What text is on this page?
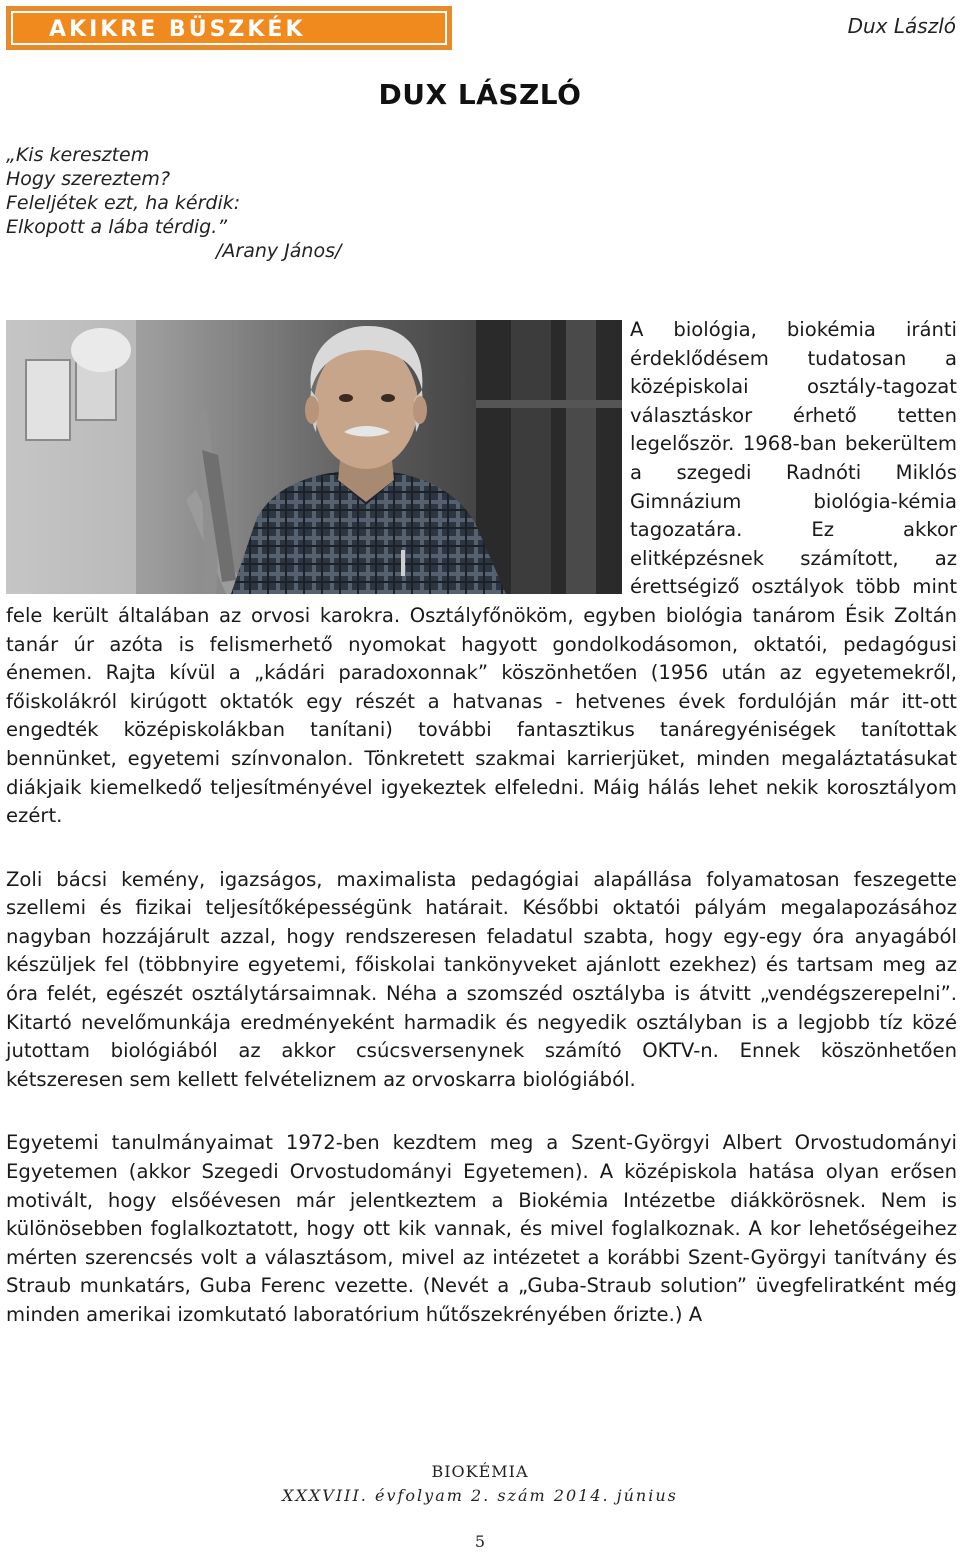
AKIKRE BÜSZKÉK VAGYUNK
Dux László
DUX LÁSZLÓ
„Kis keresztem
Hogy szereztem?
Feleljétek ezt, ha kérdik:
Elkopott a lába térdig.”
/Arany János/

A biológia, biokémia iránti érdeklődésem tudatosan a középiskolai osztály-tagozat választáskor érhető tetten legelőször. 1968-ban bekerültem a szegedi Radnóti Miklós Gimnázium biológia-kémia tagozatára. Ez akkor elitképzésnek számított, az érettségiző osztályok több mint fele került általában az orvosi karokra. Osztályfőnököm, egyben biológia tanárom Ésik Zoltán tanár úr azóta is felismerhető nyomokat hagyott gondolkodásomon, oktatói, pedagógusi énemen. Rajta kívül a „kádári paradoxonnak” köszönhetően (1956 után az egyetemekről, főiskolákról kirúgott oktatók egy részét a hatvanas - hetvenes évek fordulóján már itt-ott engedték középiskolákban tanítani) további fantasztikus tanáregyéniségek tanítottak bennünket, egyetemi színvonalon. Tönkretett szakmai karrierjüket, minden megaláztatásukat diákjaik kiemelkedő teljesítményével igyekeztek elfeledni. Máig hálás lehet nekik korosztályom ezért.

Zoli bácsi kemény, igazságos, maximalista pedagógiai alapállása folyamatosan feszegette szellemi és fizikai teljesítőképességünk határait. Későbbi oktatói pályám megalapozásához nagyban hozzájárult azzal, hogy rendszeresen feladatul szabta, hogy egy-egy óra anyagából készüljek fel (többnyire egyetemi, főiskolai tankönyveket ajánlott ezekhez) és tartsam meg az óra felét, egészét osztálytársaimnak. Néha a szomszéd osztályba is átvitt „vendégszerepelni”. Kitartó nevelőmunkája eredményeként harmadik és negyedik osztályban is a legjobb tíz közé jutottam biológiából az akkor csúcsversenynek számító OKTV-n. Ennek köszönhetően kétszeresen sem kellett felvételiznem az orvoskarra biológiából.

Egyetemi tanulmányaimat 1972-ben kezdtem meg a Szent-Györgyi Albert Orvostudományi Egyetemen (akkor Szegedi Orvostudományi Egyetemen). A középiskola hatása olyan erősen motivált, hogy elsőévesen már jelentkeztem a Biokémia Intézetbe diákkörösnek. Nem is különösebben foglalkoztatott, hogy ott kik vannak, és mivel foglalkoznak. A kor lehetőségeihez mérten szerencsés volt a választásom, mivel az intézetet a korábbi Szent-Györgyi tanítvány és Straub munkatárs, Guba Ferenc vezette. (Nevét a „Guba-Straub solution” üvegfeliratként még minden amerikai izomkutató laboratórium hűtőszekrényében őrizte.) A

BIOKÉMIA
XXXVIII. évfolyam 2. szám 2014. június
5
